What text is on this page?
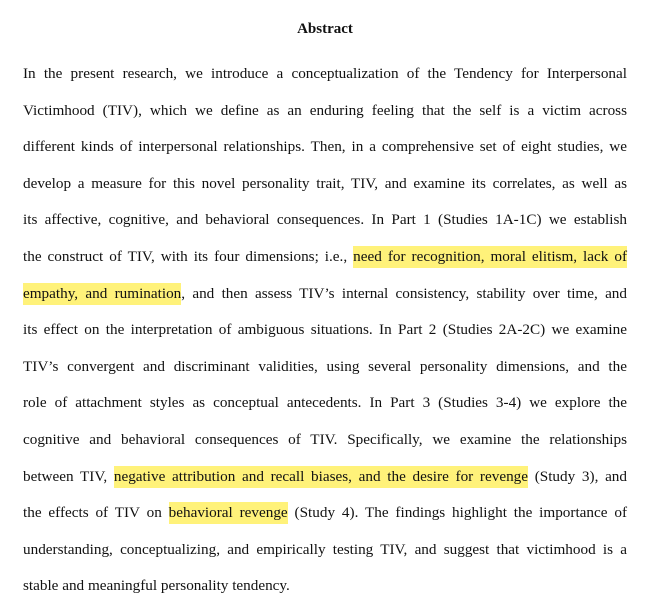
Abstract
In the present research, we introduce a conceptualization of the Tendency for Interpersonal
Victimhood (TIV), which we define as an enduring feeling that the self is a victim across
different kinds of interpersonal relationships. Then, in a comprehensive set of eight studies, we
develop a measure for this novel personality trait, TIV, and examine its correlates, as well as
its affective, cognitive, and behavioral consequences. In Part 1 (Studies 1A-1C) we establish
the construct of TIV, with its four dimensions; i.e., need for recognition, moral elitism, lack of
empathy, and rumination, and then assess TIV’s internal consistency, stability over time, and
its effect on the interpretation of ambiguous situations. In Part 2 (Studies 2A-2C) we examine
TIV’s convergent and discriminant validities, using several personality dimensions, and the
role of attachment styles as conceptual antecedents. In Part 3 (Studies 3-4) we explore the
cognitive and behavioral consequences of TIV. Specifically, we examine the relationships
between TIV, negative attribution and recall biases, and the desire for revenge (Study 3), and
the effects of TIV on behavioral revenge (Study 4). The findings highlight the importance of
understanding, conceptualizing, and empirically testing TIV, and suggest that victimhood is a
stable and meaningful personality tendency.
